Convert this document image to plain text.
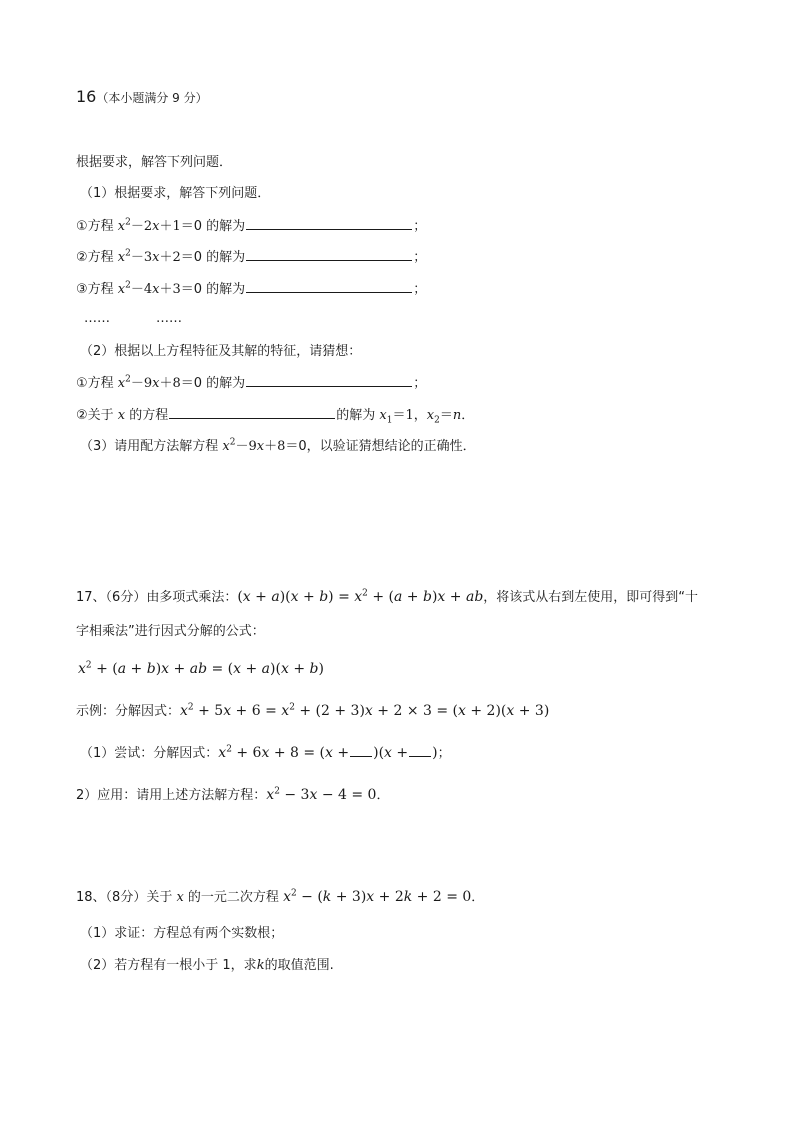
16（本小题满分 9 分）
根据要求，解答下列问题．
（1）根据要求，解答下列问题．
①方程 $x^2-2x+1=0$ 的解为	；
②方程 $x^2-3x+2=0$ 的解为	；
③方程 $x^2-4x+3=0$ 的解为	；
……	……
（2）根据以上方程特征及其解的特征，请猜想：
①方程 $x^2-9x+8=0$ 的解为	；
②关于 x 的方程	的解为 $x_1=1$，$x_2=n$．
（3）请用配方法解方程 $x^2-9x+8=0$，以验证猜想结论的正确性．
17、（6分）由多项式乘法：$(x + a)(x + b) = x^2 + (a + b)x$ + ab，将该式从右到左使用，即可得到“十
字相乘法”进行因式分解的公式：
$x^2 + (a + b)x$ + ab = (x + a)(x + b)
示例：分解因式：$x^2 + 5x + 6 = x^2 + (2 + 3)x + 2 \times 3 = (x + 2)(x + 3)$
（1）尝试：分解因式：$x^2 + 6x + 8 = (x + )(x$ + )；
2）应用：请用上述方法解方程：$x^2 - 3x - 4 = 0$．
18、（8分）关于 x 的一元二次方程 $x^2 - (k + 3)x + 2k + 2 = 0$．
（1）求证：方程总有两个实数根；
（2）若方程有一根小于 1，求k的取值范围.
